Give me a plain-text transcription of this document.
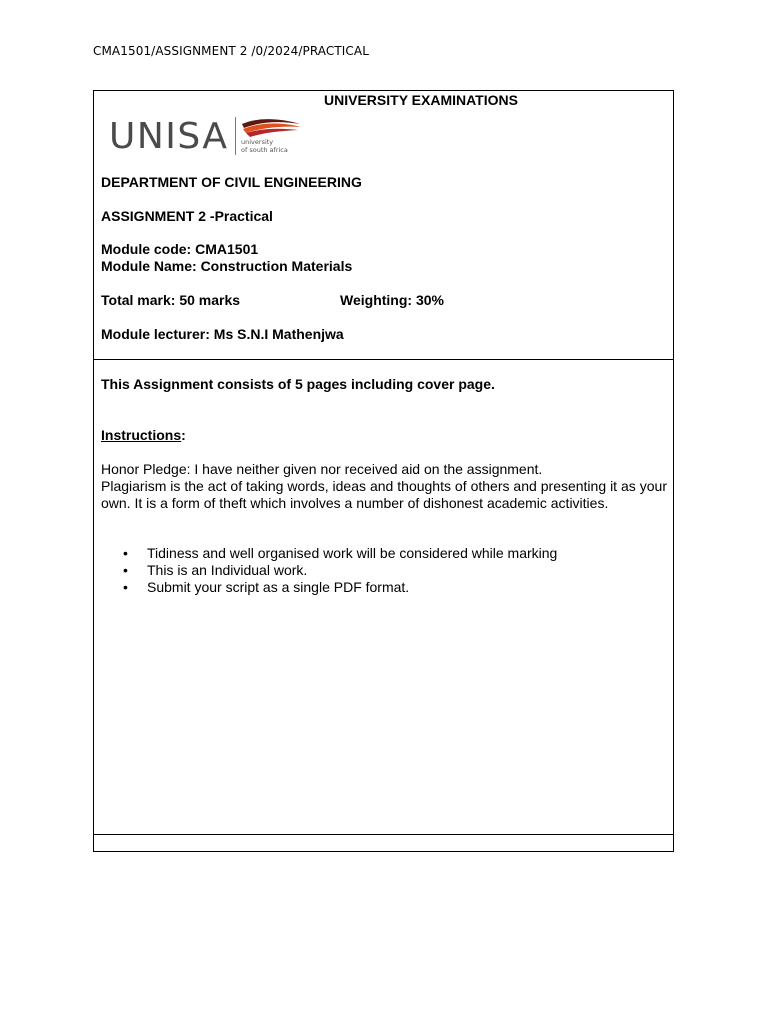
CMA1501/ASSIGNMENT 2 /0/2024/PRACTICAL
UNIVERSITY EXAMINATIONS
UNISA university
of south africa
DEPARTMENT OF CIVIL ENGINEERING
ASSIGNMENT 2 -Practical
Module code: CMA1501
Module Name: Construction Materials
Total mark: 50 marks	Weighting: 30%
Module lecturer: Ms S.N.I Mathenjwa
This Assignment consists of 5 pages including cover page.
Instructions:
Honor Pledge: I have neither given nor received aid on the assignment.
Plagiarism is the act of taking words, ideas and thoughts of others and presenting it as your own. It is a form of theft which involves a number of dishonest academic activities.
• Tidiness and well organised work will be considered while marking
• This is an Individual work.
• Submit your script as a single PDF format.
